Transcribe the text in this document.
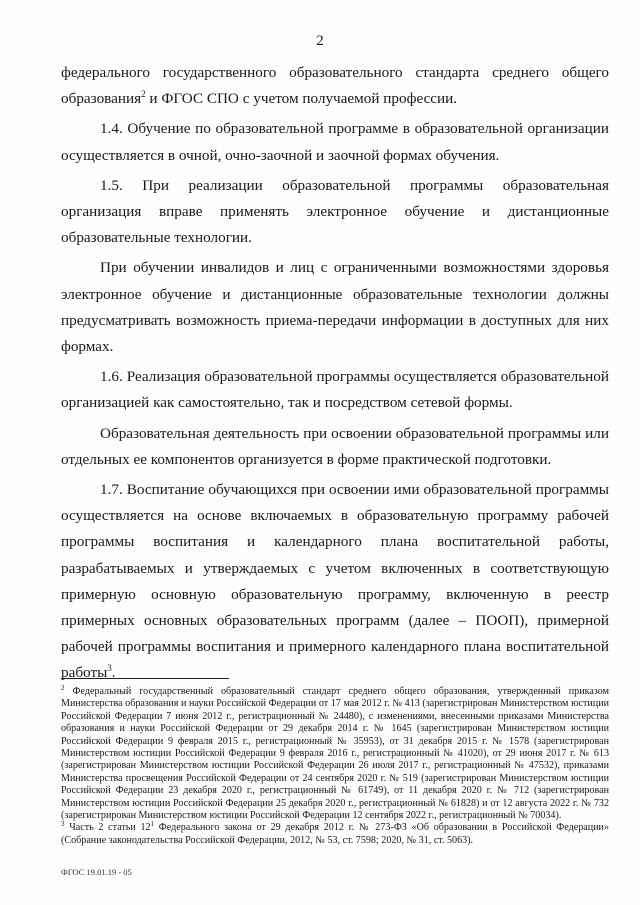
2

федерального государственного образовательного стандарта среднего общего образования$^2$ и ФГОС СПО с учетом получаемой профессии.

1.4. Обучение по образовательной программе в образовательной организации осуществляется в очной, очно-заочной и заочной формах обучения.

1.5. При реализации образовательной программы образовательная организация вправе применять электронное обучение и дистанционные образовательные технологии.

При обучении инвалидов и лиц с ограниченными возможностями здоровья электронное обучение и дистанционные образовательные технологии должны предусматривать возможность приема-передачи информации в доступных для них формах.

1.6. Реализация образовательной программы осуществляется образовательной организацией как самостоятельно, так и посредством сетевой формы.

Образовательная деятельность при освоении образовательной программы или отдельных ее компонентов организуется в форме практической подготовки.

1.7. Воспитание обучающихся при освоении ими образовательной программы осуществляется на основе включаемых в образовательную программу рабочей программы воспитания и календарного плана воспитательной работы, разрабатываемых и утверждаемых с учетом включенных в соответствующую примерную основную образовательную программу, включенную в реестр примерных основных образовательных программ (далее – ПООП), примерной рабочей программы воспитания и примерного календарного плана воспитательной работы$^3$.

$^2$ Федеральный государственный образовательный стандарт среднего общего образования, утвержденный приказом Министерства образования и науки Российской Федерации от 17 мая 2012 г. № 413 (зарегистрирован Министерством юстиции Российской Федерации 7 июня 2012 г., регистрационный № 24480), с изменениями, внесенными приказами Министерства образования и науки Российской Федерации от 29 декабря 2014 г. № 1645 (зарегистрирован Министерством юстиции Российской Федерации 9 февраля 2015 г., регистрационный № 35953), от 31 декабря 2015 г. № 1578 (зарегистрирован Министерством юстиции Российской Федерации 9 февраля 2016 г., регистрационный № 41020), от 29 июня 2017 г. № 613 (зарегистрирован Министерством юстиции Российской Федерации 26 июля 2017 г., регистрационный № 47532), приказами Министерства просвещения Российской Федерации от 24 сентября 2020 г. № 519 (зарегистрирован Министерством юстиции Российской Федерации 23 декабря 2020 г., регистрационный № 61749), от 11 декабря 2020 г. № 712 (зарегистрирован Министерством юстиции Российской Федерации 25 декабря 2020 г., регистрационный № 61828) и от 12 августа 2022 г. № 732 (зарегистрирован Министерством юстиции Российской Федерации 12 сентября 2022 г., регистрационный № 70034).

$^3$ Часть 2 статьи $12^1$ Федерального закона от 29 декабря 2012 г. № 273-ФЗ «Об образовании в Российской Федерации» (Собрание законодательства Российской Федерации, 2012, № 53, ст. 7598; 2020, № 31, ст. 5063).

ФГОС 19.01.19 - 05
